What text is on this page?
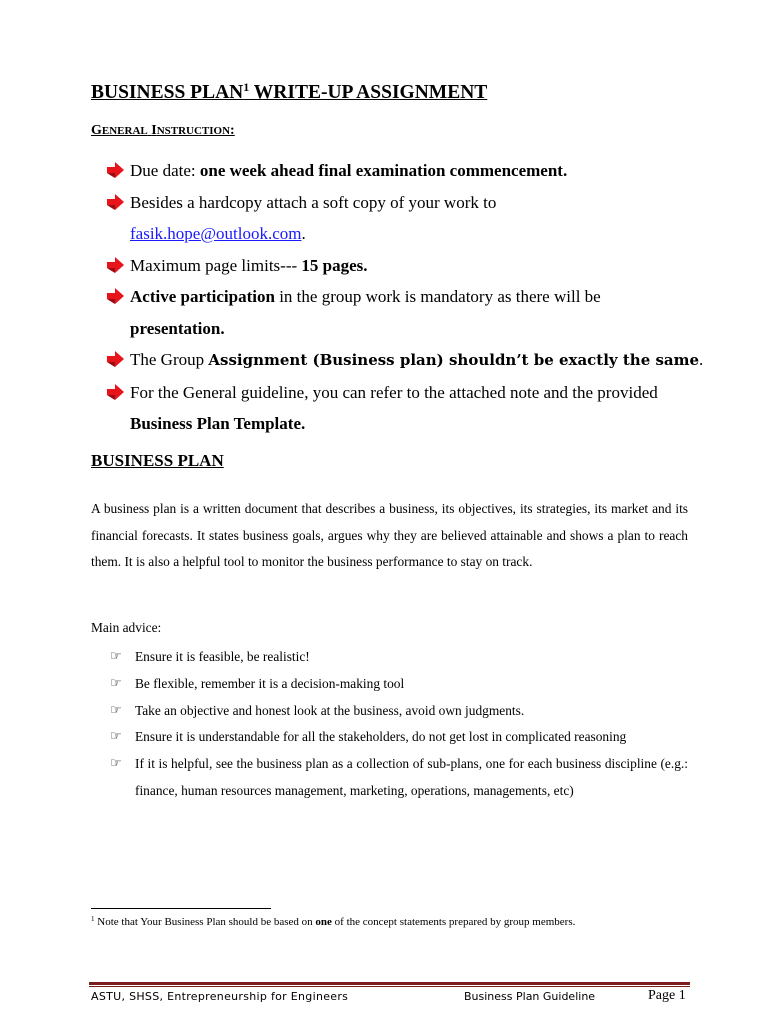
BUSINESS PLAN$^1$ WRITE-UP ASSIGNMENT
GENERAL INSTRUCTION:
Due date: one week ahead final examination commencement.
Besides a hardcopy attach a soft copy of your work to
fasik.hope@outlook.com.
Maximum page limits--- 15 pages.
Active participation in the group work is mandatory as there will be
presentation.
The Group Assignment (Business plan) shouldn’t be exactly the same.
For the General guideline, you can refer to the attached note and the provided
Business Plan Template.
BUSINESS PLAN
A business plan is a written document that describes a business, its objectives, its strategies, its market and its financial forecasts. It states business goals, argues why they are believed attainable and shows a plan to reach them. It is also a helpful tool to monitor the business performance to stay on track.
Main advice:
☞ Ensure it is feasible, be realistic!
☞ Be flexible, remember it is a decision-making tool
☞ Take an objective and honest look at the business, avoid own judgments.
☞ Ensure it is understandable for all the stakeholders, do not get lost in complicated reasoning
☞ If it is helpful, see the business plan as a collection of sub-plans, one for each business discipline (e.g.: finance, human resources management, marketing, operations, managements, etc)
$^1$ Note that Your Business Plan should be based on one of the concept statements prepared by group members.
ASTU, SHSS, Entrepreneurship for Engineers	Business Plan Guideline	Page 1
